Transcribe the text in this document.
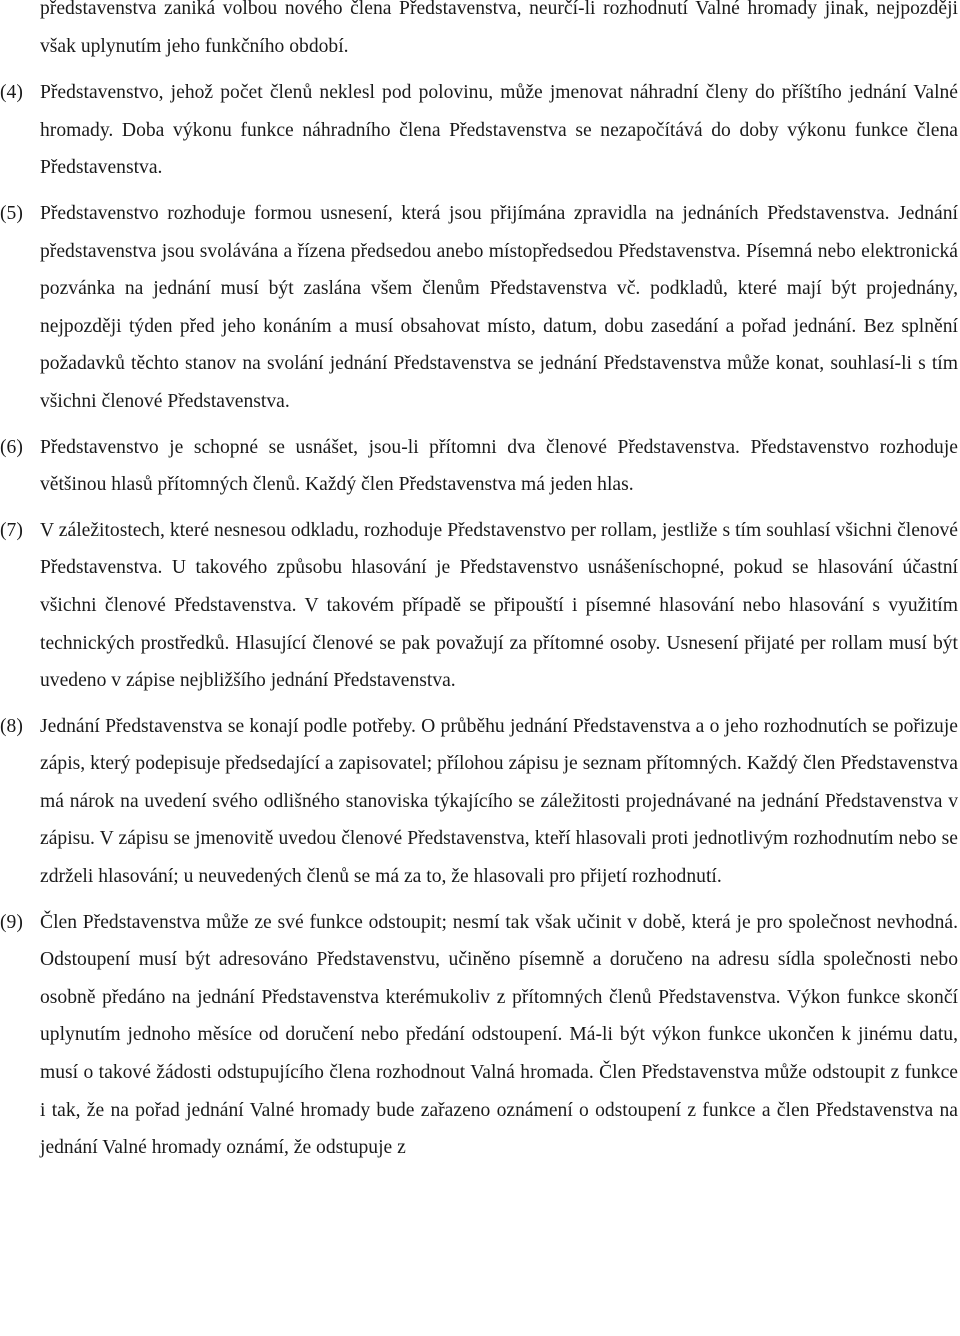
představenstva zaniká volbou nového člena Představenstva, neurčí-li rozhodnutí Valné hromady jinak, nejpozději však uplynutím jeho funkčního období.
(4) Představenstvo, jehož počet členů neklesl pod polovinu, může jmenovat náhradní členy do příštího jednání Valné hromady. Doba výkonu funkce náhradního člena Představenstva se nezapočítává do doby výkonu funkce člena Představenstva.
(5) Představenstvo rozhoduje formou usnesení, která jsou přijímána zpravidla na jednáních Představenstva. Jednání představenstva jsou svolávána a řízena předsedou anebo místopředsedou Představenstva. Písemná nebo elektronická pozvánka na jednání musí být zaslána všem členům Představenstva vč. podkladů, které mají být projednány, nejpozději týden před jeho konáním a musí obsahovat místo, datum, dobu zasedání a pořad jednání. Bez splnění požadavků těchto stanov na svolání jednání Představenstva se jednání Představenstva může konat, souhlasí-li s tím všichni členové Představenstva.
(6) Představenstvo je schopné se usnášet, jsou-li přítomni dva členové Představenstva. Představenstvo rozhoduje většinou hlasů přítomných členů. Každý člen Představenstva má jeden hlas.
(7) V záležitostech, které nesnesou odkladu, rozhoduje Představenstvo per rollam, jestliže s tím souhlasí všichni členové Představenstva. U takového způsobu hlasování je Představenstvo usnášeníschopné, pokud se hlasování účastní všichni členové Představenstva. V takovém případě se připouští i písemné hlasování nebo hlasování s využitím technických prostředků. Hlasující členové se pak považují za přítomné osoby. Usnesení přijaté per rollam musí být uvedeno v zápise nejbližšího jednání Představenstva.
(8) Jednání Představenstva se konají podle potřeby. O průběhu jednání Představenstva a o jeho rozhodnutích se pořizuje zápis, který podepisuje předsedající a zapisovatel; přílohou zápisu je seznam přítomných. Každý člen Představenstva má nárok na uvedení svého odlišného stanoviska týkajícího se záležitosti projednávané na jednání Představenstva v zápisu. V zápisu se jmenovitě uvedou členové Představenstva, kteří hlasovali proti jednotlivým rozhodnutím nebo se zdrželi hlasování; u neuvedených členů se má za to, že hlasovali pro přijetí rozhodnutí.
(9) Člen Představenstva může ze své funkce odstoupit; nesmí tak však učinit v době, která je pro společnost nevhodná. Odstoupení musí být adresováno Představenstvu, učiněno písemně a doručeno na adresu sídla společnosti nebo osobně předáno na jednání Představenstva kterémukoliv z přítomných členů Představenstva. Výkon funkce skončí uplynutím jednoho měsíce od doručení nebo předání odstoupení. Má-li být výkon funkce ukončen k jinému datu, musí o takové žádosti odstupujícího člena rozhodnout Valná hromada. Člen Představenstva může odstoupit z funkce i tak, že na pořad jednání Valné hromady bude zařazeno oznámení o odstoupení z funkce a člen Představenstva na jednání Valné hromady oznámí, že odstupuje z
